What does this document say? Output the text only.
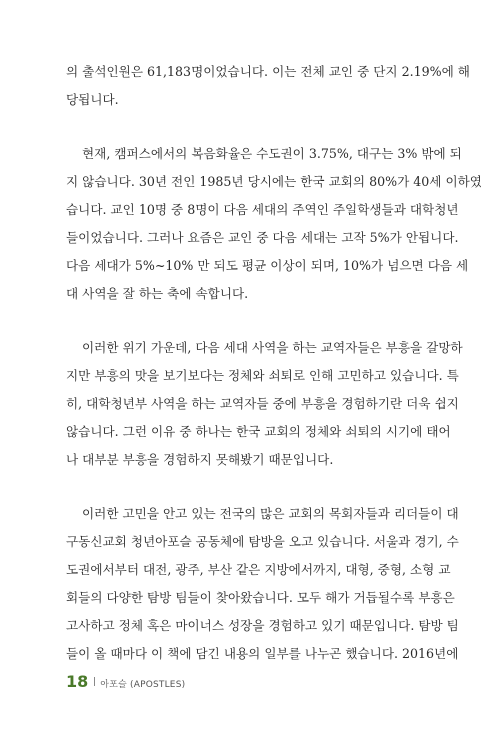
의 출석인원은 61,183명이었습니다. 이는 전체 교인 중 단지 2.19%에 해
당됩니다.
현재, 캠퍼스에서의 복음화율은 수도권이 3.75%, 대구는 3% 밖에 되
지 않습니다. 30년 전인 1985년 당시에는 한국 교회의 80%가 40세 이하였
습니다. 교인 10명 중 8명이 다음 세대의 주역인 주일학생들과 대학청년
들이었습니다. 그러나 요즘은 교인 중 다음 세대는 고작 5%가 안됩니다.
다음 세대가 5%~10% 만 되도 평균 이상이 되며, 10%가 넘으면 다음 세
대 사역을 잘 하는 축에 속합니다.
이러한 위기 가운데, 다음 세대 사역을 하는 교역자들은 부흥을 갈망하
지만 부흥의 맛을 보기보다는 정체와 쇠퇴로 인해 고민하고 있습니다. 특
히, 대학청년부 사역을 하는 교역자들 중에 부흥을 경험하기란 더욱 쉽지
않습니다. 그런 이유 중 하나는 한국 교회의 정체와 쇠퇴의 시기에 태어
나 대부분 부흥을 경험하지 못해봤기 때문입니다.
이러한 고민을 안고 있는 전국의 많은 교회의 목회자들과 리더들이 대
구동신교회 청년아포슬 공동체에 탐방을 오고 있습니다. 서울과 경기, 수
도권에서부터 대전, 광주, 부산 같은 지방에서까지, 대형, 중형, 소형 교
회들의 다양한 탐방 팀들이 찾아왔습니다. 모두 해가 거듭될수록 부흥은
고사하고 정체 혹은 마이너스 성장을 경험하고 있기 때문입니다. 탐방 팀
들이 올 때마다 이 책에 담긴 내용의 일부를 나누곤 했습니다. 2016년에
18 아포슬 (APOSTLES)
